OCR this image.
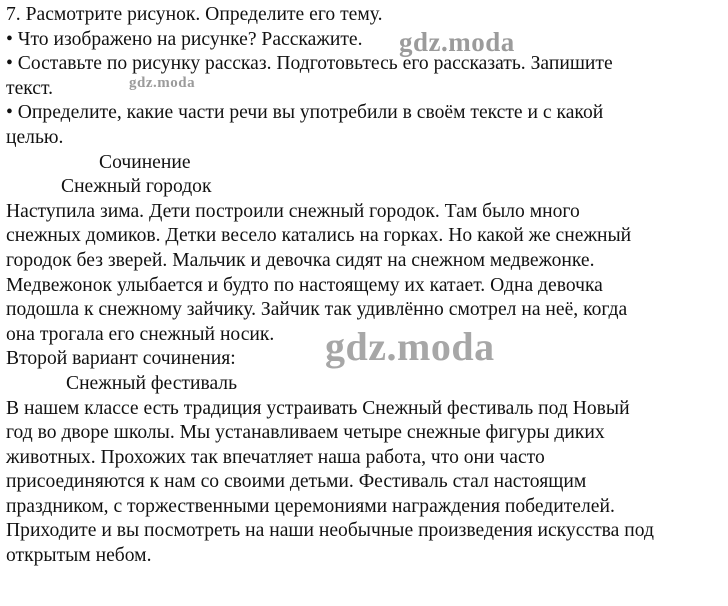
7. Расмотрите рисунок. Определите его тему.
• Что изображено на рисунке? Расскажите.
• Составьте по рисунку рассказ. Подготовьтесь его рассказать. Запишите
текст.
• Определите, какие части речи вы употребили в своём тексте и с какой
целью.
Сочинение
Снежный городок
Наступила зима. Дети построили снежный городок. Там было много
снежных домиков. Детки весело катались на горках. Но какой же снежный
городок без зверей. Мальчик и девочка сидят на снежном медвежонке.
Медвежонок улыбается и будто по настоящему их катает. Одна девочка
подошла к снежному зайчику. Зайчик так удивлённо смотрел на неё, когда
она трогала его снежный носик.
Второй вариант сочинения:
Снежный фестиваль
В нашем классе есть традиция устраивать Снежный фестиваль под Новый
год во дворе школы. Мы устанавливаем четыре снежные фигуры диких
животных. Прохожих так впечатляет наша работа, что они часто
присоединяются к нам со своими детьми. Фестиваль стал настоящим
праздником, с торжественными церемониями награждения победителей.
Приходите и вы посмотреть на наши необычные произведения искусства под
открытым небом.
gdz.moda
gdz.moda
gdz.moda
